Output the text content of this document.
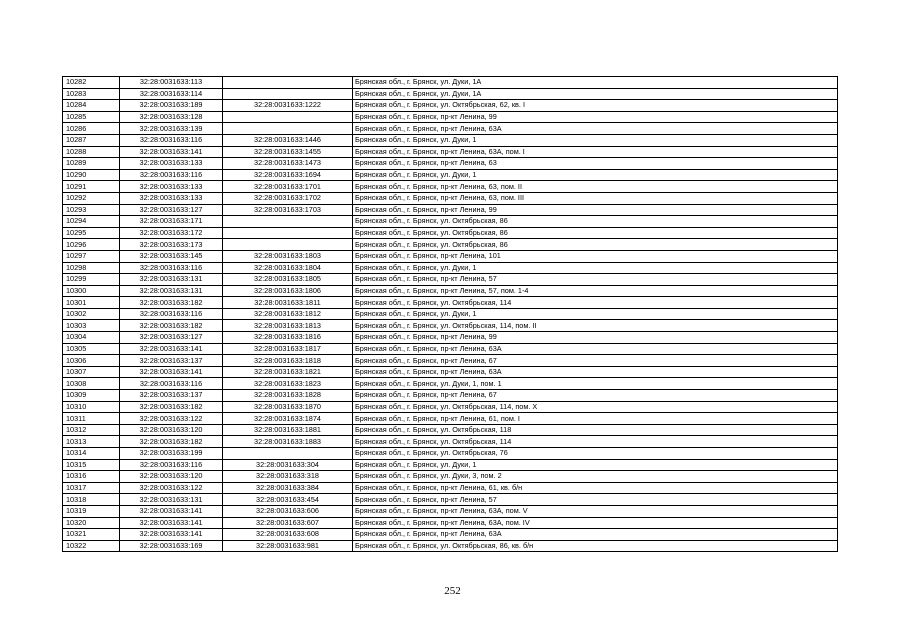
10282	32:28:0031633:113		Брянская обл., г. Брянск, ул. Дуки, 1А
10283	32:28:0031633:114		Брянская обл., г. Брянск, ул. Дуки, 1А
10284	32:28:0031633:189	32:28:0031633:1222	Брянская обл., г. Брянск, ул. Октябрьская, 62, кв. I
10285	32:28:0031633:128		Брянская обл., г. Брянск, пр-кт Ленина, 99
10286	32:28:0031633:139		Брянская обл., г. Брянск, пр-кт Ленина, 63А
10287	32:28:0031633:116	32:28:0031633:1446	Брянская обл., г. Брянск, ул. Дуки, 1
10288	32:28:0031633:141	32:28:0031633:1455	Брянская обл., г. Брянск, пр-кт Ленина, 63А, пом. I
10289	32:28:0031633:133	32:28:0031633:1473	Брянская обл., г. Брянск, пр-кт Ленина, 63
10290	32:28:0031633:116	32:28:0031633:1694	Брянская обл., г. Брянск, ул. Дуки, 1
10291	32:28:0031633:133	32:28:0031633:1701	Брянская обл., г. Брянск, пр-кт Ленина, 63, пом. II
10292	32:28:0031633:133	32:28:0031633:1702	Брянская обл., г. Брянск, пр-кт Ленина, 63, пом. III
10293	32:28:0031633:127	32:28:0031633:1703	Брянская обл., г. Брянск, пр-кт Ленина, 99
10294	32:28:0031633:171		Брянская обл., г. Брянск, ул. Октябрьская, 86
10295	32:28:0031633:172		Брянская обл., г. Брянск, ул. Октябрьская, 86
10296	32:28:0031633:173		Брянская обл., г. Брянск, ул. Октябрьская, 86
10297	32:28:0031633:145	32:28:0031633:1803	Брянская обл., г. Брянск, пр-кт Ленина, 101
10298	32:28:0031633:116	32:28:0031633:1804	Брянская обл., г. Брянск, ул. Дуки, 1
10299	32:28:0031633:131	32:28:0031633:1805	Брянская обл., г. Брянск, пр-кт Ленина, 57
10300	32:28:0031633:131	32:28:0031633:1806	Брянская обл., г. Брянск, пр-кт Ленина, 57, пом. 1-4
10301	32:28:0031633:182	32:28:0031633:1811	Брянская обл., г. Брянск, ул. Октябрьская, 114
10302	32:28:0031633:116	32:28:0031633:1812	Брянская обл., г. Брянск, ул. Дуки, 1
10303	32:28:0031633:182	32:28:0031633:1813	Брянская обл., г. Брянск, ул. Октябрьская, 114, пом. II
10304	32:28:0031633:127	32:28:0031633:1816	Брянская обл., г. Брянск, пр-кт Ленина, 99
10305	32:28:0031633:141	32:28:0031633:1817	Брянская обл., г. Брянск, пр-кт Ленина, 63А
10306	32:28:0031633:137	32:28:0031633:1818	Брянская обл., г. Брянск, пр-кт Ленина, 67
10307	32:28:0031633:141	32:28:0031633:1821	Брянская обл., г. Брянск, пр-кт Ленина, 63А
10308	32:28:0031633:116	32:28:0031633:1823	Брянская обл., г. Брянск, ул. Дуки, 1, пом. 1
10309	32:28:0031633:137	32:28:0031633:1828	Брянская обл., г. Брянск, пр-кт Ленина, 67
10310	32:28:0031633:182	32:28:0031633:1870	Брянская обл., г. Брянск, ул. Октябрьская, 114, пом. X
10311	32:28:0031633:122	32:28:0031633:1874	Брянская обл., г. Брянск, пр-кт Ленина, 61, пом. I
10312	32:28:0031633:120	32:28:0031633:1881	Брянская обл., г. Брянск, ул. Октябрьская, 118
10313	32:28:0031633:182	32:28:0031633:1883	Брянская обл., г. Брянск, ул. Октябрьская, 114
10314	32:28:0031633:199		Брянская обл., г. Брянск, ул. Октябрьская, 76
10315	32:28:0031633:116	32:28:0031633:304	Брянская обл., г. Брянск, ул. Дуки, 1
10316	32:28:0031633:120	32:28:0031633:318	Брянская обл., г. Брянск, ул. Дуки, 3, пом. 2
10317	32:28:0031633:122	32:28:0031633:384	Брянская обл., г. Брянск, пр-кт Ленина, 61, кв. б/н
10318	32:28:0031633:131	32:28:0031633:454	Брянская обл., г. Брянск, пр-кт Ленина, 57
10319	32:28:0031633:141	32:28:0031633:606	Брянская обл., г. Брянск, пр-кт Ленина, 63А, пом. V
10320	32:28:0031633:141	32:28:0031633:607	Брянская обл., г. Брянск, пр-кт Ленина, 63А, пом. IV
10321	32:28:0031633:141	32:28:0031633:608	Брянская обл., г. Брянск, пр-кт Ленина, 63А
10322	32:28:0031633:169	32:28:0031633:981	Брянская обл., г. Брянск, ул. Октябрьская, 86, кв. б/н
252
